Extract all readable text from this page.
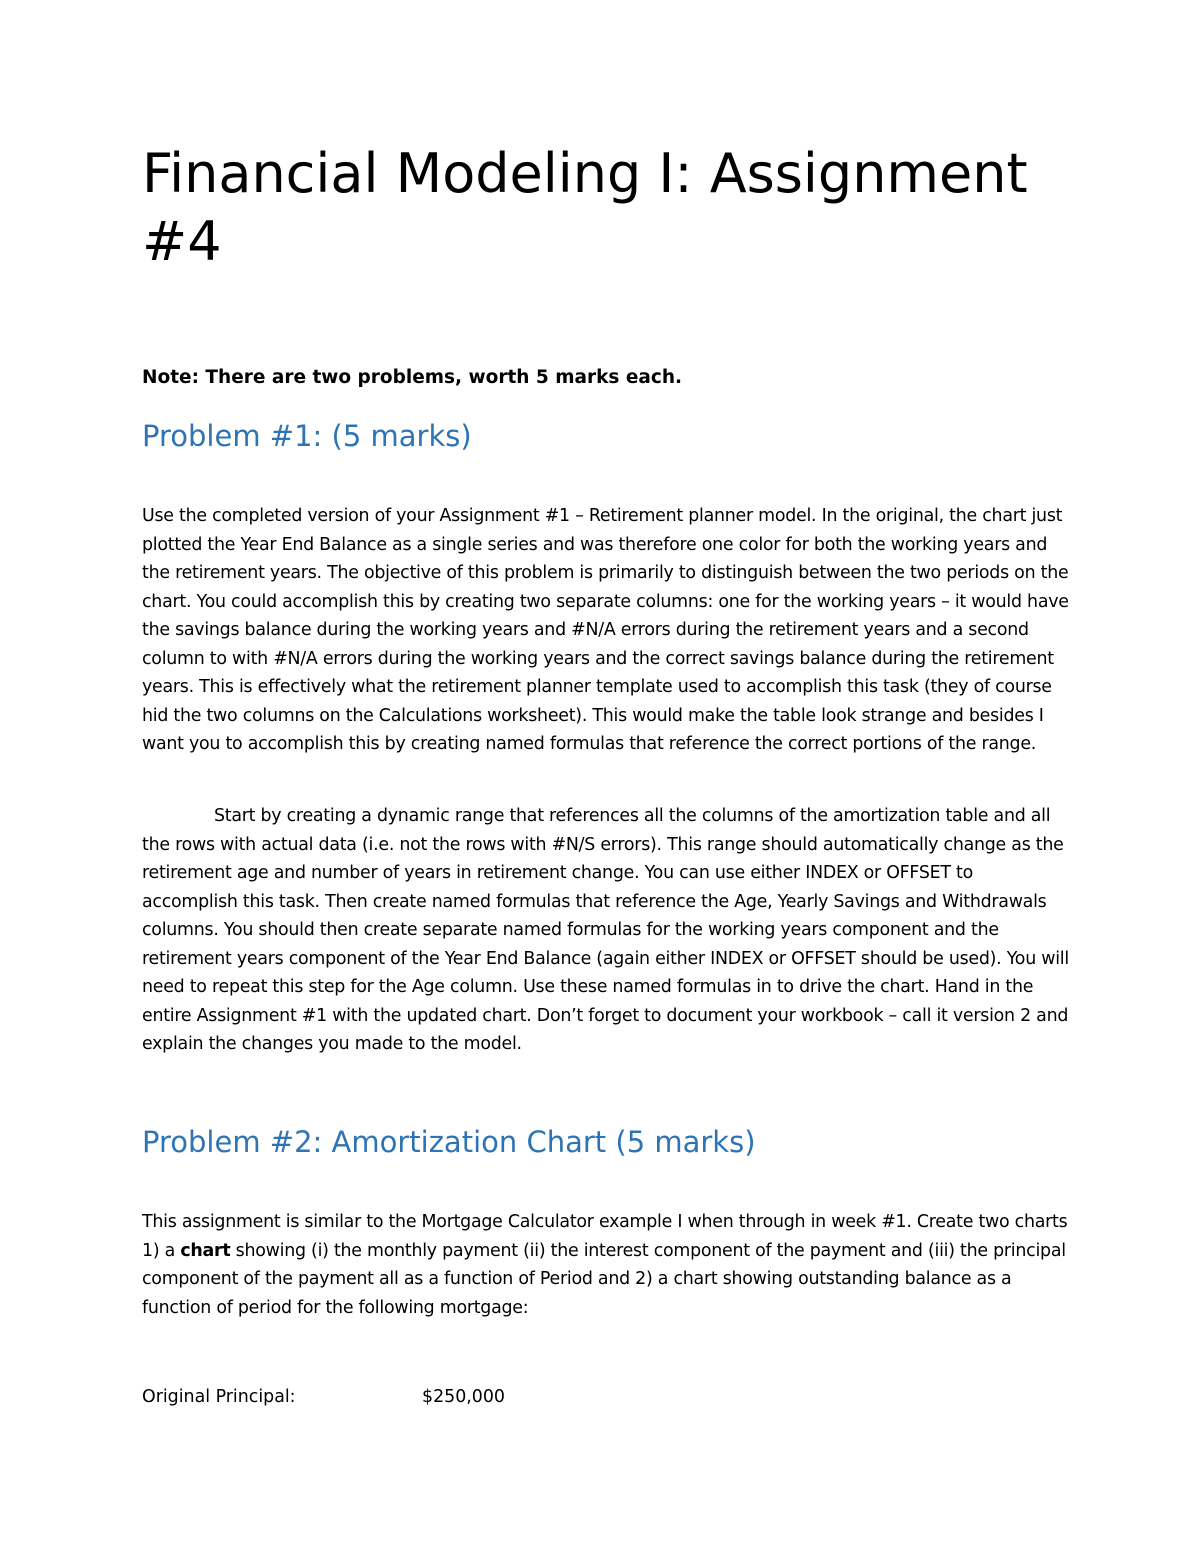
Financial Modeling I: Assignment #4

Note: There are two problems, worth 5 marks each.

Problem #1: (5 marks)

Use the completed version of your Assignment #1 – Retirement planner model. In the original, the chart just plotted the Year End Balance as a single series and was therefore one color for both the working years and the retirement years. The objective of this problem is primarily to distinguish between the two periods on the chart. You could accomplish this by creating two separate columns: one for the working years – it would have the savings balance during the working years and #N/A errors during the retirement years and a second column to with #N/A errors during the working years and the correct savings balance during the retirement years. This is effectively what the retirement planner template used to accomplish this task (they of course hid the two columns on the Calculations worksheet). This would make the table look strange and besides I want you to accomplish this by creating named formulas that reference the correct portions of the range.

Start by creating a dynamic range that references all the columns of the amortization table and all the rows with actual data (i.e. not the rows with #N/S errors). This range should automatically change as the retirement age and number of years in retirement change. You can use either INDEX or OFFSET to accomplish this task. Then create named formulas that reference the Age, Yearly Savings and Withdrawals columns. You should then create separate named formulas for the working years component and the retirement years component of the Year End Balance (again either INDEX or OFFSET should be used). You will need to repeat this step for the Age column. Use these named formulas in to drive the chart. Hand in the entire Assignment #1 with the updated chart. Don’t forget to document your workbook – call it version 2 and explain the changes you made to the model.

Problem #2: Amortization Chart (5 marks)

This assignment is similar to the Mortgage Calculator example I when through in week #1. Create two charts 1) a chart showing (i) the monthly payment (ii) the interest component of the payment and (iii) the principal component of the payment all as a function of Period and 2) a chart showing outstanding balance as a function of period for the following mortgage:

Original Principal:	$250,000
